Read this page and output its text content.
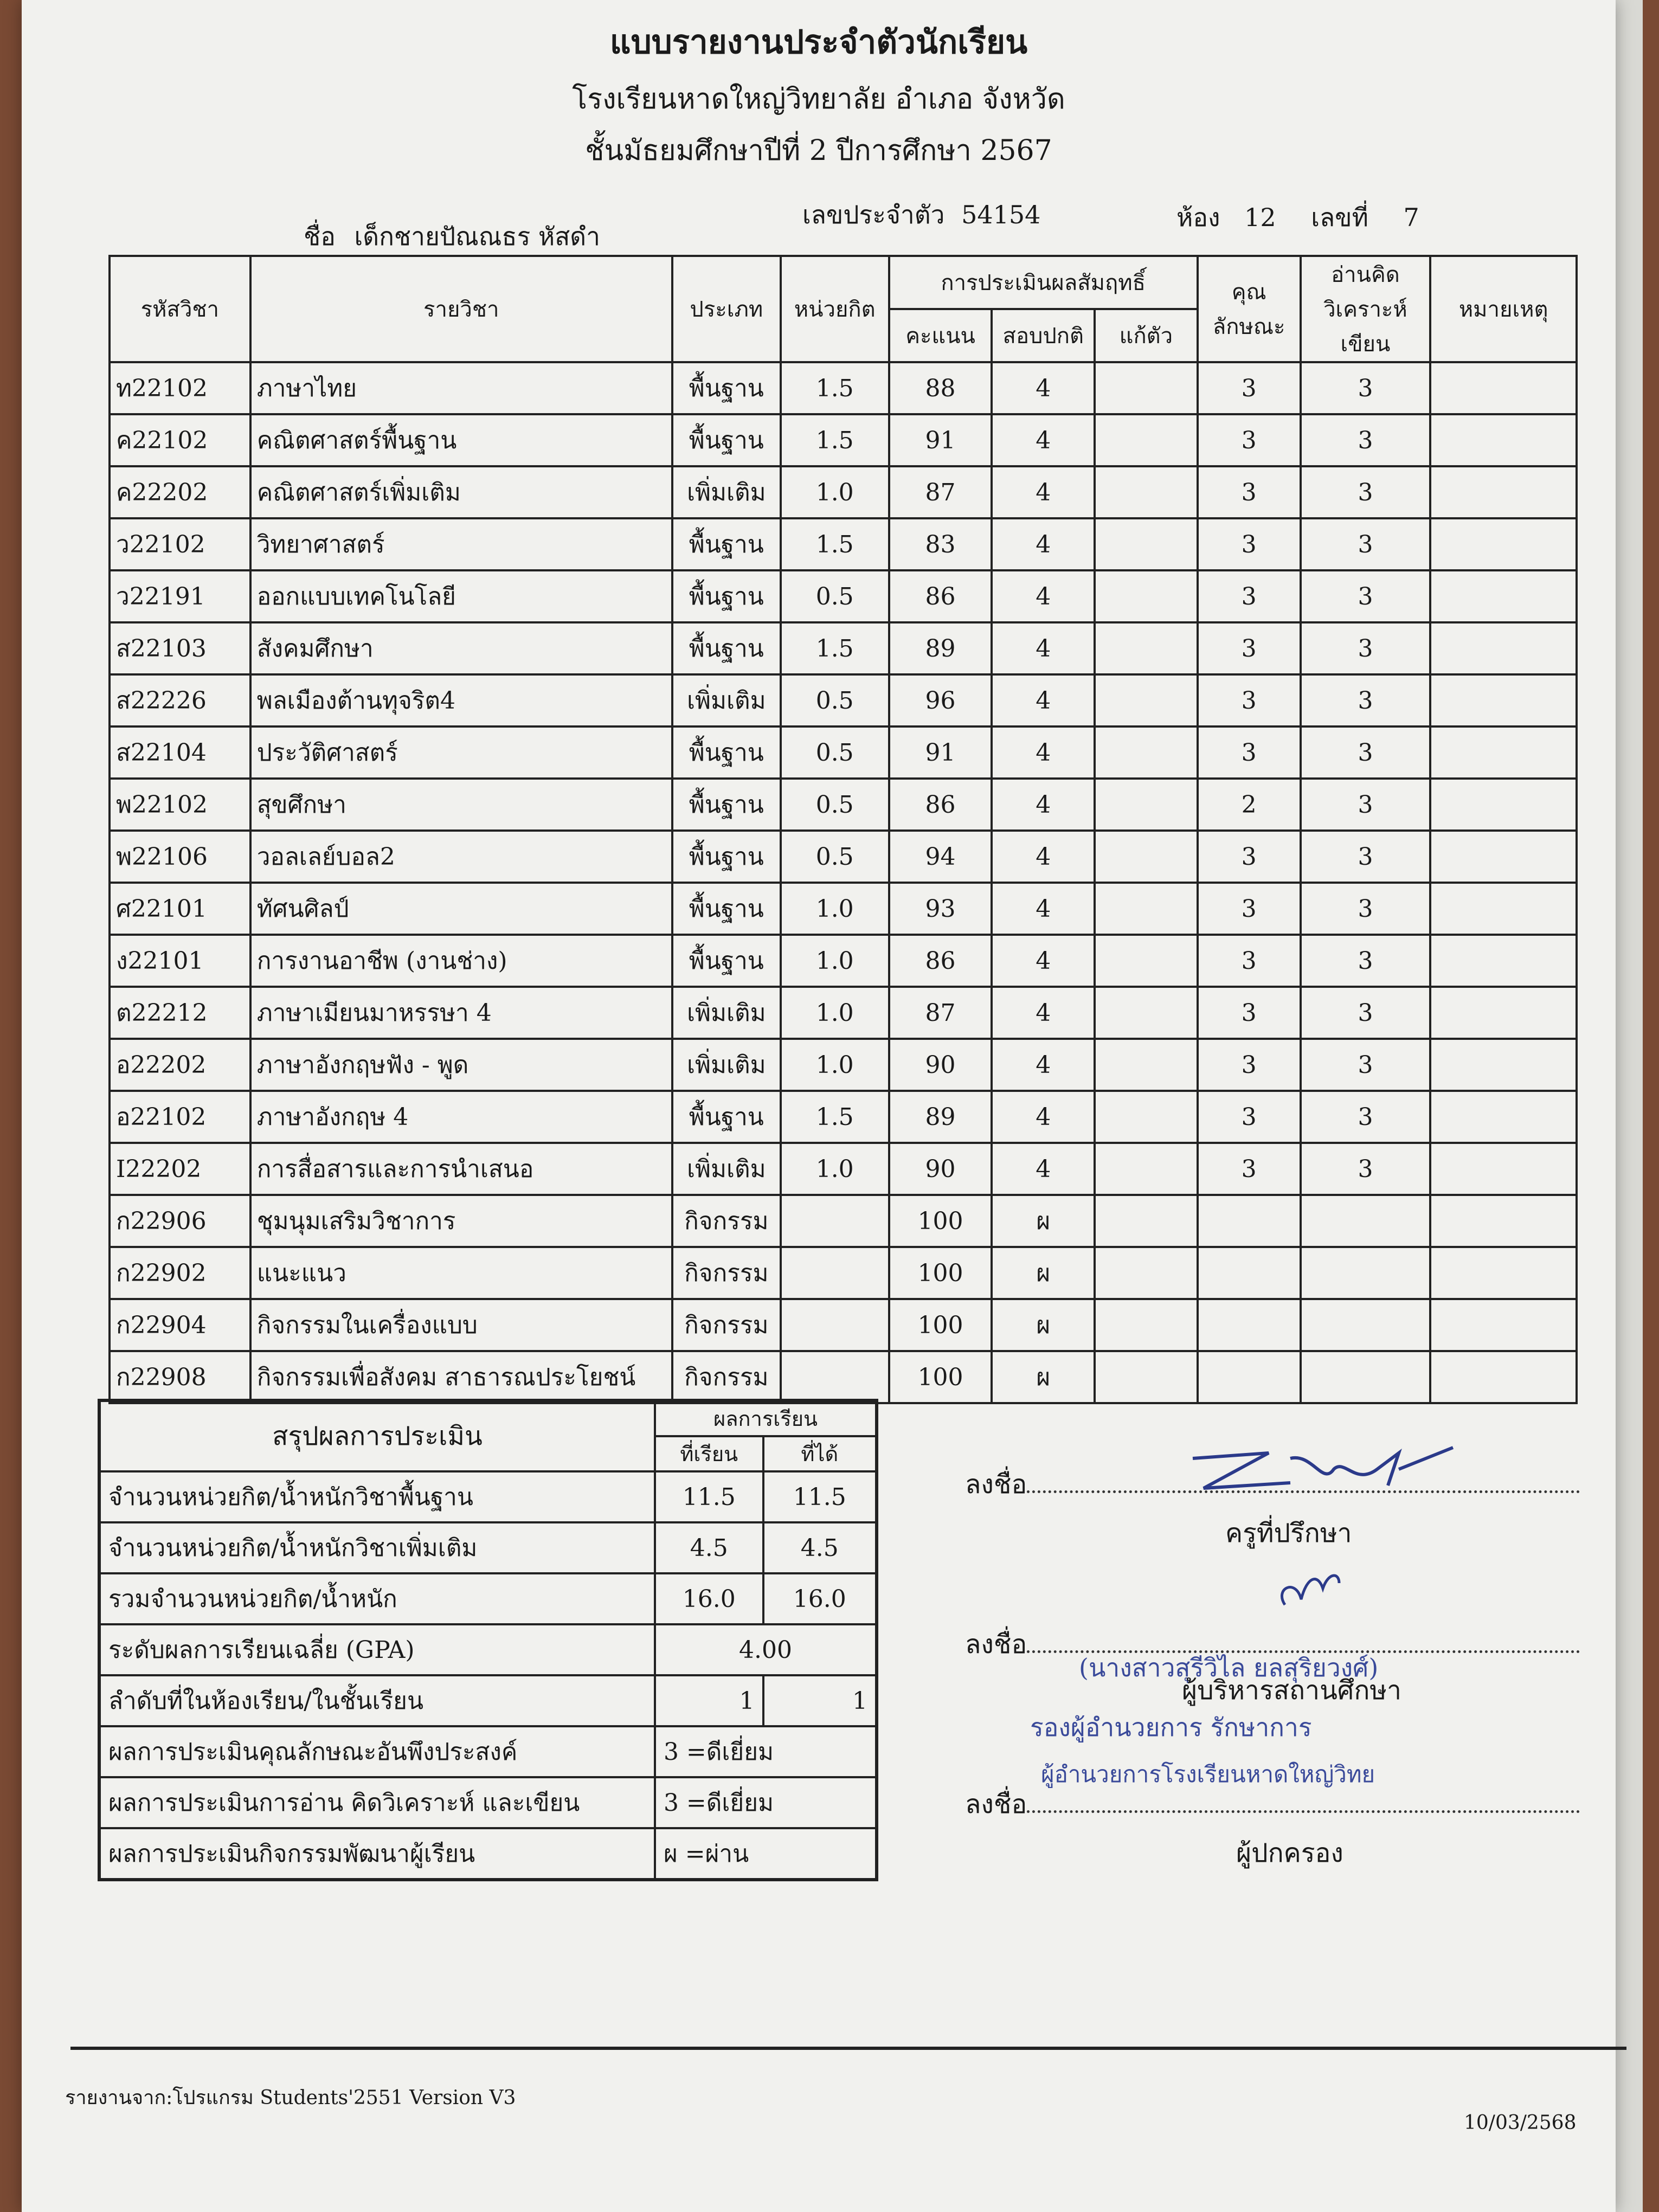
แบบรายงานประจำตัวนักเรียน
โรงเรียนหาดใหญ่วิทยาลัย อำเภอ จังหวัด
ชั้นมัธยมศึกษาปีที่ 2 ปีการศึกษา 2567
ชื่อ เด็กชายปัณณธร หัสดำ
เลขประจำตัว 54154	ห้อง 12 เลขที่ 7
รหัสวิชา	รายวิชา	ประเภท	หน่วยกิต	การประเมินผลสัมฤทธิ์			คุณ
ลักษณะ	อ่านคิด
วิเคราะห์เขียน	หมายเหตุ
				คะแนน	สอบปกติ	แก้ตัว			
ท22102	ภาษาไทย	พื้นฐาน	1.5	88	4		3	3	
ค22102	คณิตศาสตร์พื้นฐาน	พื้นฐาน	1.5	91	4		3	3	
ค22202	คณิตศาสตร์เพิ่มเติม	เพิ่มเติม	1.0	87	4		3	3	
ว22102	วิทยาศาสตร์	พื้นฐาน	1.5	83	4		3	3	
ว22191	ออกแบบเทคโนโลยี	พื้นฐาน	0.5	86	4		3	3	
ส22103	สังคมศึกษา	พื้นฐาน	1.5	89	4		3	3	
ส22226	พลเมืองต้านทุจริต4	เพิ่มเติม	0.5	96	4		3	3	
ส22104	ประวัติศาสตร์	พื้นฐาน	0.5	91	4		3	3	
พ22102	สุขศึกษา	พื้นฐาน	0.5	86	4		2	3	
พ22106	วอลเลย์บอล2	พื้นฐาน	0.5	94	4		3	3	
ศ22101	ทัศนศิลป์	พื้นฐาน	1.0	93	4		3	3	
ง22101	การงานอาชีพ (งานช่าง)	พื้นฐาน	1.0	86	4		3	3	
ต22212	ภาษาเมียนมาหรรษา 4	เพิ่มเติม	1.0	87	4		3	3	
อ22202	ภาษาอังกฤษฟัง - พูด	เพิ่มเติม	1.0	90	4		3	3	
อ22102	ภาษาอังกฤษ 4	พื้นฐาน	1.5	89	4		3	3	
I22202	การสื่อสารและการนำเสนอ	เพิ่มเติม	1.0	90	4		3	3	
ก22906	ชุมนุมเสริมวิชาการ	กิจกรรม		100	ผ				
ก22902	แนะแนว	กิจกรรม		100	ผ				
ก22904	กิจกรรมในเครื่องแบบ	กิจกรรม		100	ผ				
ก22908	กิจกรรมเพื่อสังคม สาธารณประโยชน์	กิจกรรม		100	ผ				
สรุปผลการประเมิน	ผลการเรียน	
	ที่เรียน	ที่ได้
จำนวนหน่วยกิต/น้ำหนักวิชาพื้นฐาน	11.5	11.5
จำนวนหน่วยกิต/น้ำหนักวิชาเพิ่มเติม	4.5	4.5
รวมจำนวนหน่วยกิต/น้ำหนัก	16.0	16.0
ระดับผลการเรียนเฉลี่ย (GPA)	4.00	
ลำดับที่ในห้องเรียน/ในชั้นเรียน	1	1
ผลการประเมินคุณลักษณะอันพึงประสงค์	3 =ดีเยี่ยม	
ผลการประเมินการอ่าน คิดวิเคราะห์ และเขียน	3 =ดีเยี่ยม	
ผลการประเมินกิจกรรมพัฒนาผู้เรียน	ผ =ผ่าน	
ลงชื่อ
ครูที่ปรึกษา
ลงชื่อ
(นางสาวสุรีวิไล ยลสุริยวงศ์)
ผู้บริหารสถานศึกษา
รองผู้อำนวยการ รักษาการ
ผู้อำนวยการโรงเรียนหาดใหญ่วิทย
ลงชื่อ
ผู้ปกครอง
รายงานจาก:โปรแกรม Students'2551 Version V3
10/03/2568
